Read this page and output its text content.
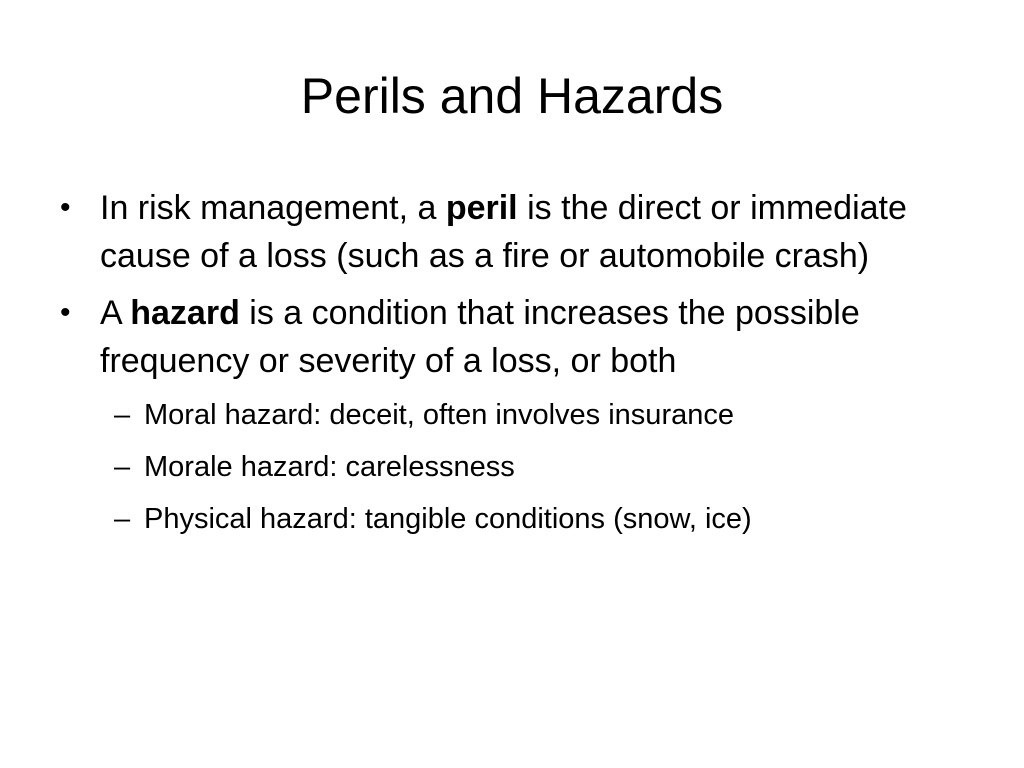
Perils and Hazards
• In risk management, a peril is the direct or immediate cause of a loss (such as a fire or automobile crash)
• A hazard is a condition that increases the possible frequency or severity of a loss, or both
– Moral hazard: deceit, often involves insurance
– Morale hazard: carelessness
– Physical hazard: tangible conditions (snow, ice)
